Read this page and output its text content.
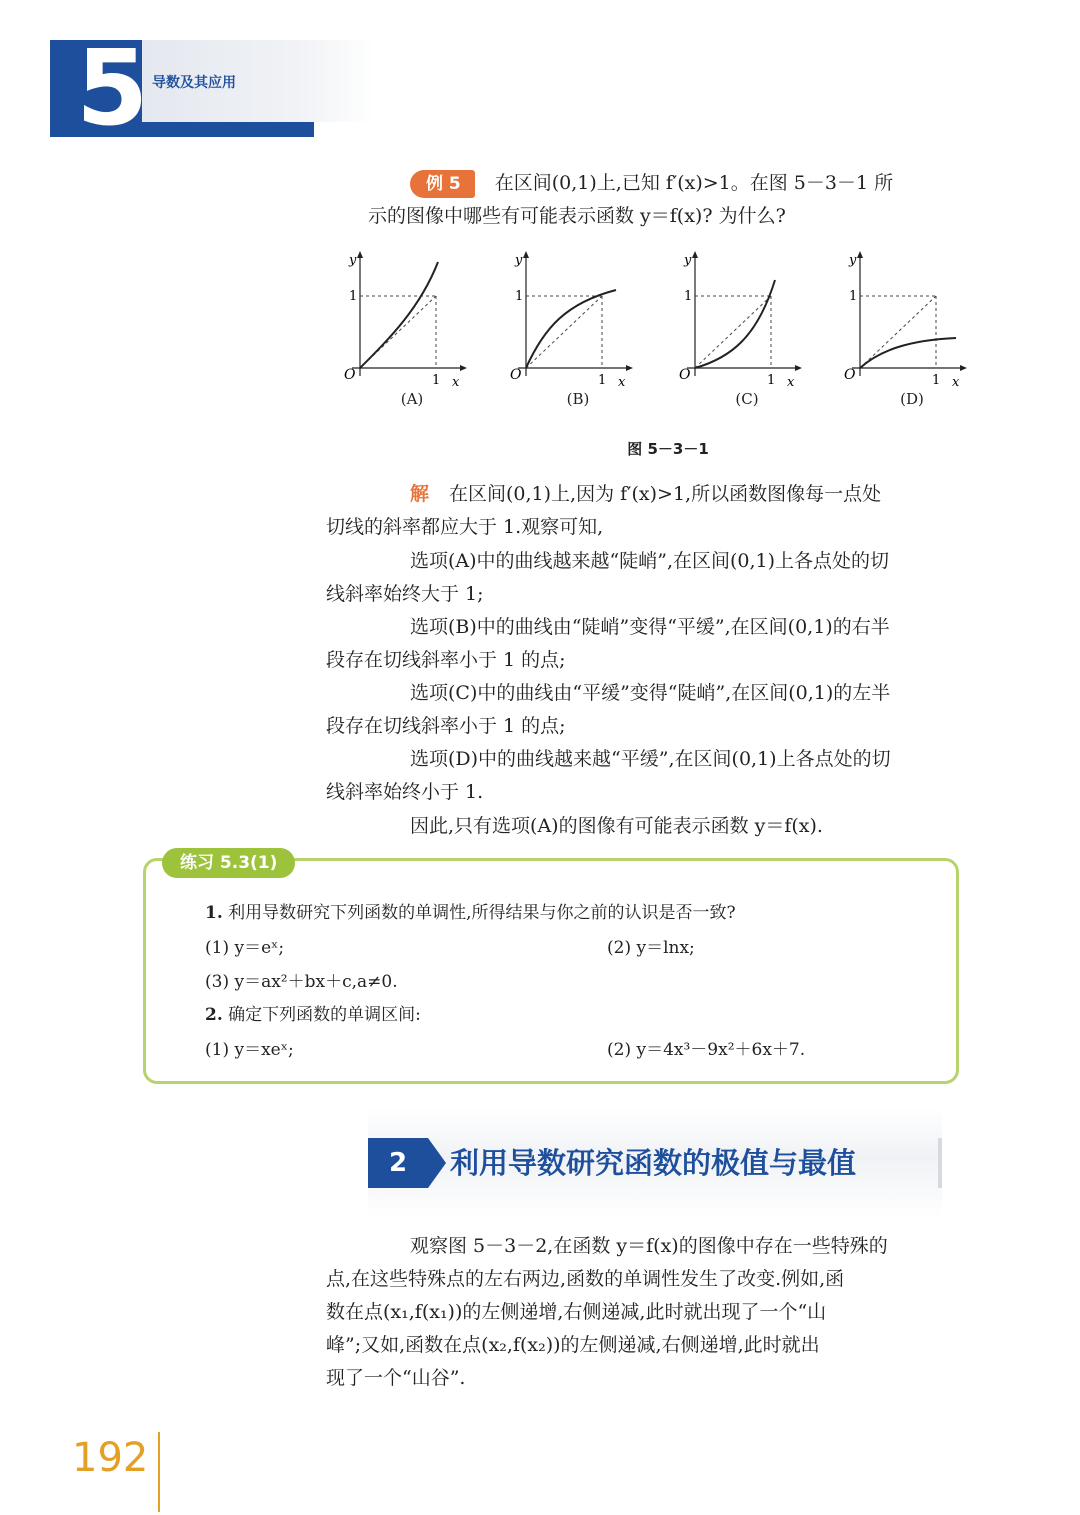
5 导数及其应用

例 5 在区间(0,1)上,已知 f′(x)>1。在图 5－3－1 所
示的图像中哪些有可能表示函数 y＝f(x)? 为什么?

O
y
x
1
1
(A)
O
y
x
1
1
(B)
O
y
x
1
1
(C)
O
y
x
1
1
(D)
图 5－3－1

解 在区间(0,1)上,因为 f′(x)>1,所以函数图像每一点处
切线的斜率都应大于 1.观察可知,

选项(A)中的曲线越来越“陡峭”,在区间(0,1)上各点处的切
线斜率始终大于 1;

选项(B)中的曲线由“陡峭”变得“平缓”,在区间(0,1)的右半
段存在切线斜率小于 1 的点;

选项(C)中的曲线由“平缓”变得“陡峭”,在区间(0,1)的左半
段存在切线斜率小于 1 的点;

选项(D)中的曲线越来越“平缓”,在区间(0,1)上各点处的切
线斜率始终小于 1.

因此,只有选项(A)的图像有可能表示函数 y＝f(x).

练习 5.3(1)
1. 利用导数研究下列函数的单调性,所得结果与你之前的认识是否一致?
(1) y＝eˣ;	(2) y＝lnx;
(3) y＝ax²＋bx＋c,a≠0.
2. 确定下列函数的单调区间:
(1) y＝xeˣ;	(2) y＝4x³－9x²＋6x＋7.
2	利用导数研究函数的极值与最值

观察图 5－3－2,在函数 y＝f(x)的图像中存在一些特殊的
点,在这些特殊点的左右两边,函数的单调性发生了改变.例如,函
数在点(x₁,f(x₁))的左侧递增,右侧递减,此时就出现了一个“山
峰”;又如,函数在点(x₂,f(x₂))的左侧递减,右侧递增,此时就出
现了一个“山谷”.

192
